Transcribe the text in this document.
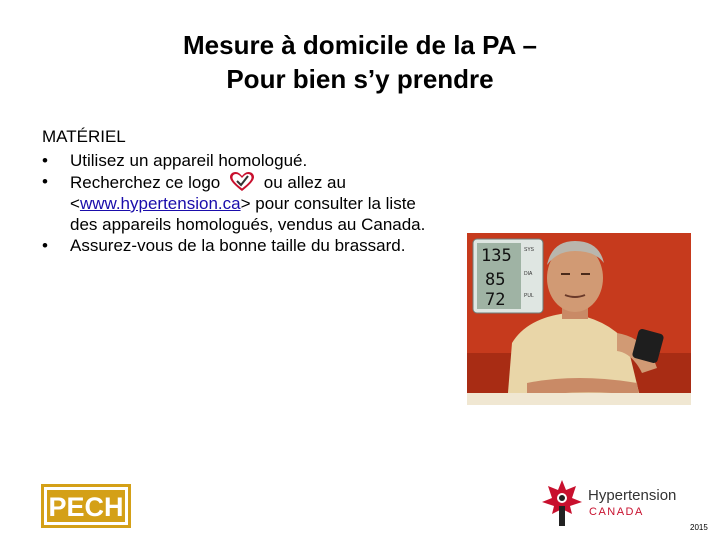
Mesure à domicile de la PA –
Pour bien s’y prendre
MATÉRIEL
• Utilisez un appareil homologué.
• Recherchez ce logo	ou allez au
<www.hypertension.ca> pour consulter la liste
des appareils homologués, vendus au Canada.
• Assurez-vous de la bonne taille du brassard.
135
85
72
SYS
DIA
PUL
PECH	Hypertension
CANADA
2015
